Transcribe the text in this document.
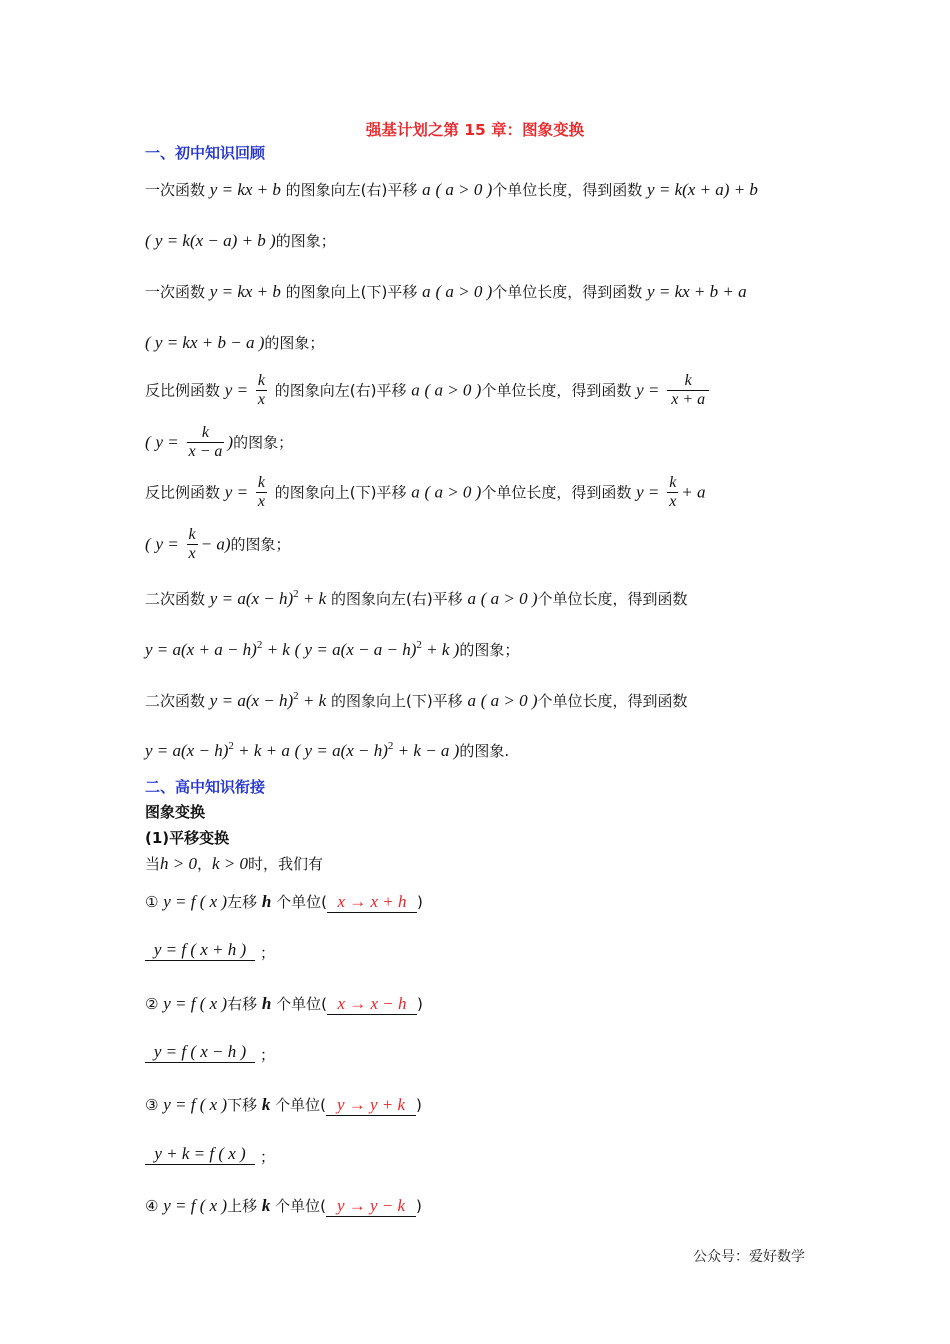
强基计划之第 15 章：图象变换
一、初中知识回顾
一次函数 y = kx + b 的图象向左(右)平移 a ( a > 0 )个单位长度，得到函数 y = k(x + a) + b
( y = k(x − a) + b )的图象；
一次函数 y = kx + b 的图象向上(下)平移 a ( a > 0 )个单位长度，得到函数 y = kx + b + a
( y = kx + b − a )的图象；
反比例函数 $y = \frac{k}{x}$ 的图象向左(右)平移 a ( a > 0 )个单位长度，得到函数 $y = \frac{k}{x + a}$
( $y = \frac{k}{x - a}$ )的图象；
反比例函数 $y = \frac{k}{x}$ 的图象向上(下)平移 a ( a > 0 )个单位长度，得到函数 $y = \frac{k}{x} + a$
( $y = \frac{k}{x} - a$)的图象；
二次函数 $y = a(x - h)^2 + k$ 的图象向左(右)平移 a ( a > 0 )个单位长度，得到函数
$y = a(x + a - h)^2 + k$ ( $y = a(x - a - h)^2 + k$ )的图象；
二次函数 $y = a(x - h)^2 + k$ 的图象向上(下)平移 a ( a > 0 )个单位长度，得到函数
$y = a(x - h)^2 + k + a$ ( $y = a(x - h)^2 + k - a$ )的图象.
二、高中知识衔接
图象变换
(1)平移变换
当h > 0，k > 0时，我们有
① y = f ( x )左移 h 个单位( x → x + h )
y = f ( x + h ) ；
② y = f ( x )右移 h 个单位( x → x − h )
y = f ( x − h ) ；
③ y = f ( x )下移 k 个单位( y → y + k )
y + k = f ( x ) ；
④ y = f ( x )上移 k 个单位( y → y − k )
公众号：爱好数学
